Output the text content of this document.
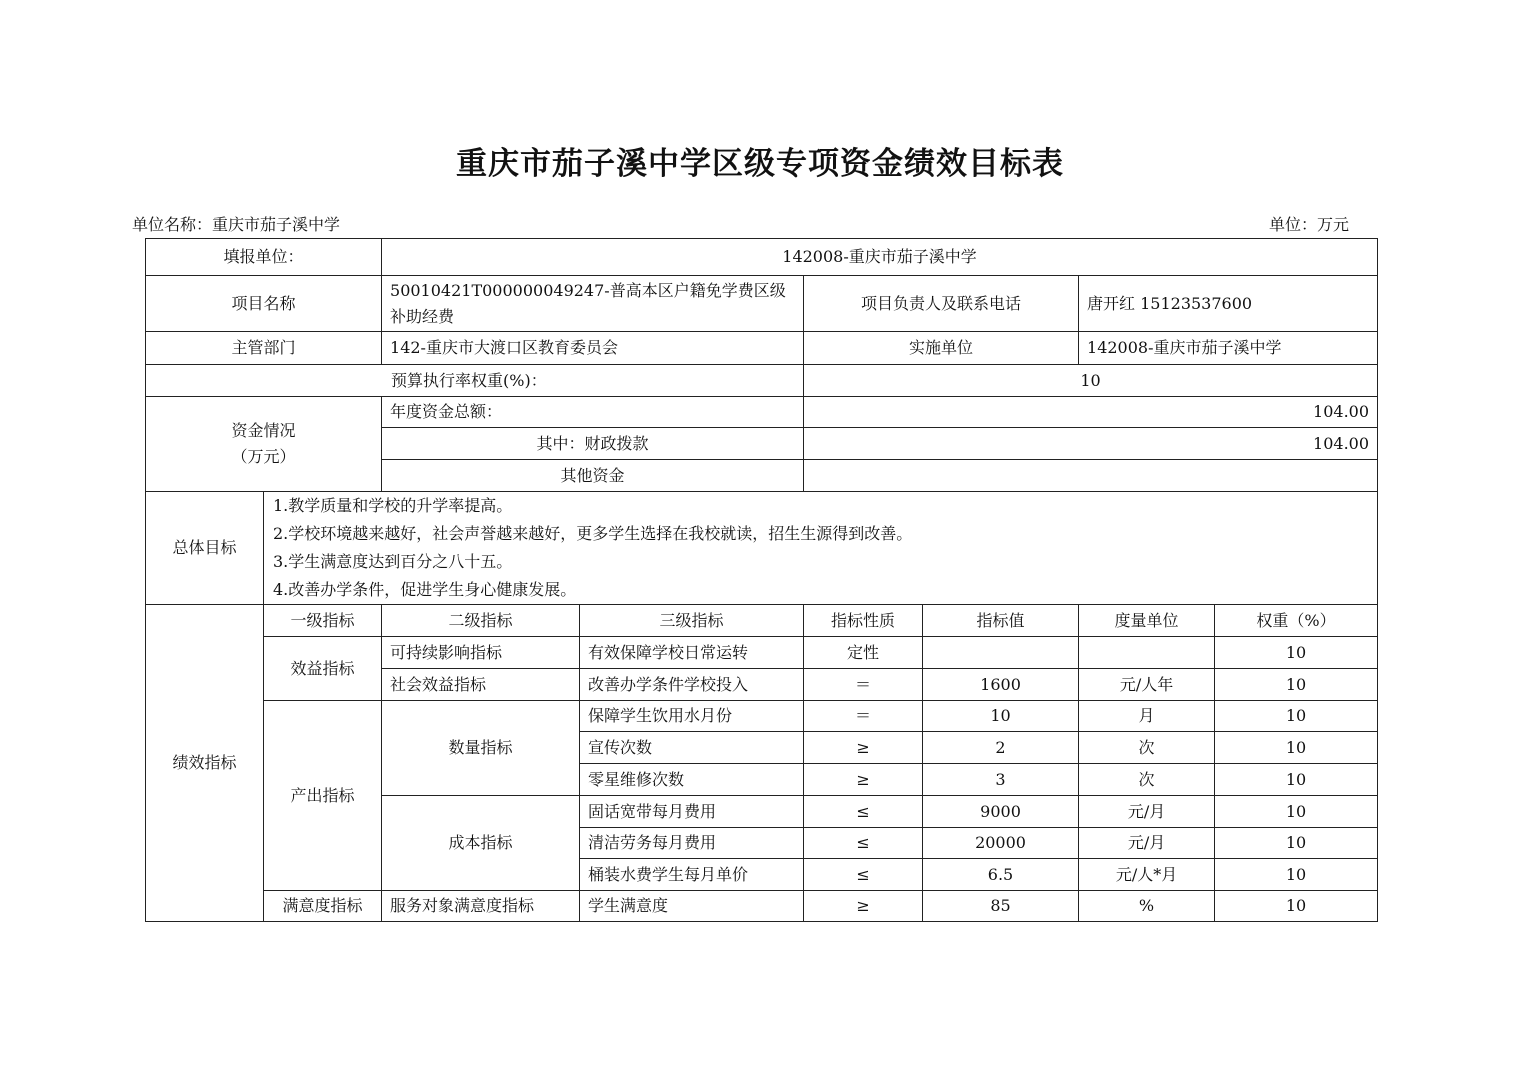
重庆市茄子溪中学区级专项资金绩效目标表
单位名称：重庆市茄子溪中学	单位：万元
填报单位：		142008-重庆市茄子溪中学					
项目名称		50010421T000000049247-普高本区户籍免学费区级补助经费		项目负责人及联系电话		唐开红 15123537600	
主管部门		142-重庆市大渡口区教育委员会		实施单位		142008-重庆市茄子溪中学	
预算执行率权重(%)：				10			

资金情况
（万元）		年度资金总额：		104.00			
		其中：财政拨款		104.00			
		其他资金					
总体目标	1.教学质量和学校的升学率提高。
2.学校环境越来越好，社会声誉越来越好，更多学生选择在我校就读，招生生源得到改善。
3.学生满意度达到百分之八十五。
4.改善办学条件，促进学生身心健康发展。						

绩效指标	一级指标	二级指标	三级指标	指标性质	指标值	度量单位	权重（%）
	效益指标	可持续影响指标	有效保障学校日常运转	定性			10
		社会效益指标	改善办学条件学校投入	＝	1600	元/人年	10
	产出指标	数量指标	保障学生饮用水月份	＝	10	月	10
			宣传次数	≥	2	次	10
			零星维修次数	≥	3	次	10
		成本指标	固话宽带每月费用	≤	9000	元/月	10
			清洁劳务每月费用	≤	20000	元/月	10
			桶装水费学生每月单价	≤	6.5	元/人*月	10
	满意度指标	服务对象满意度指标	学生满意度	≥	85	%	10
